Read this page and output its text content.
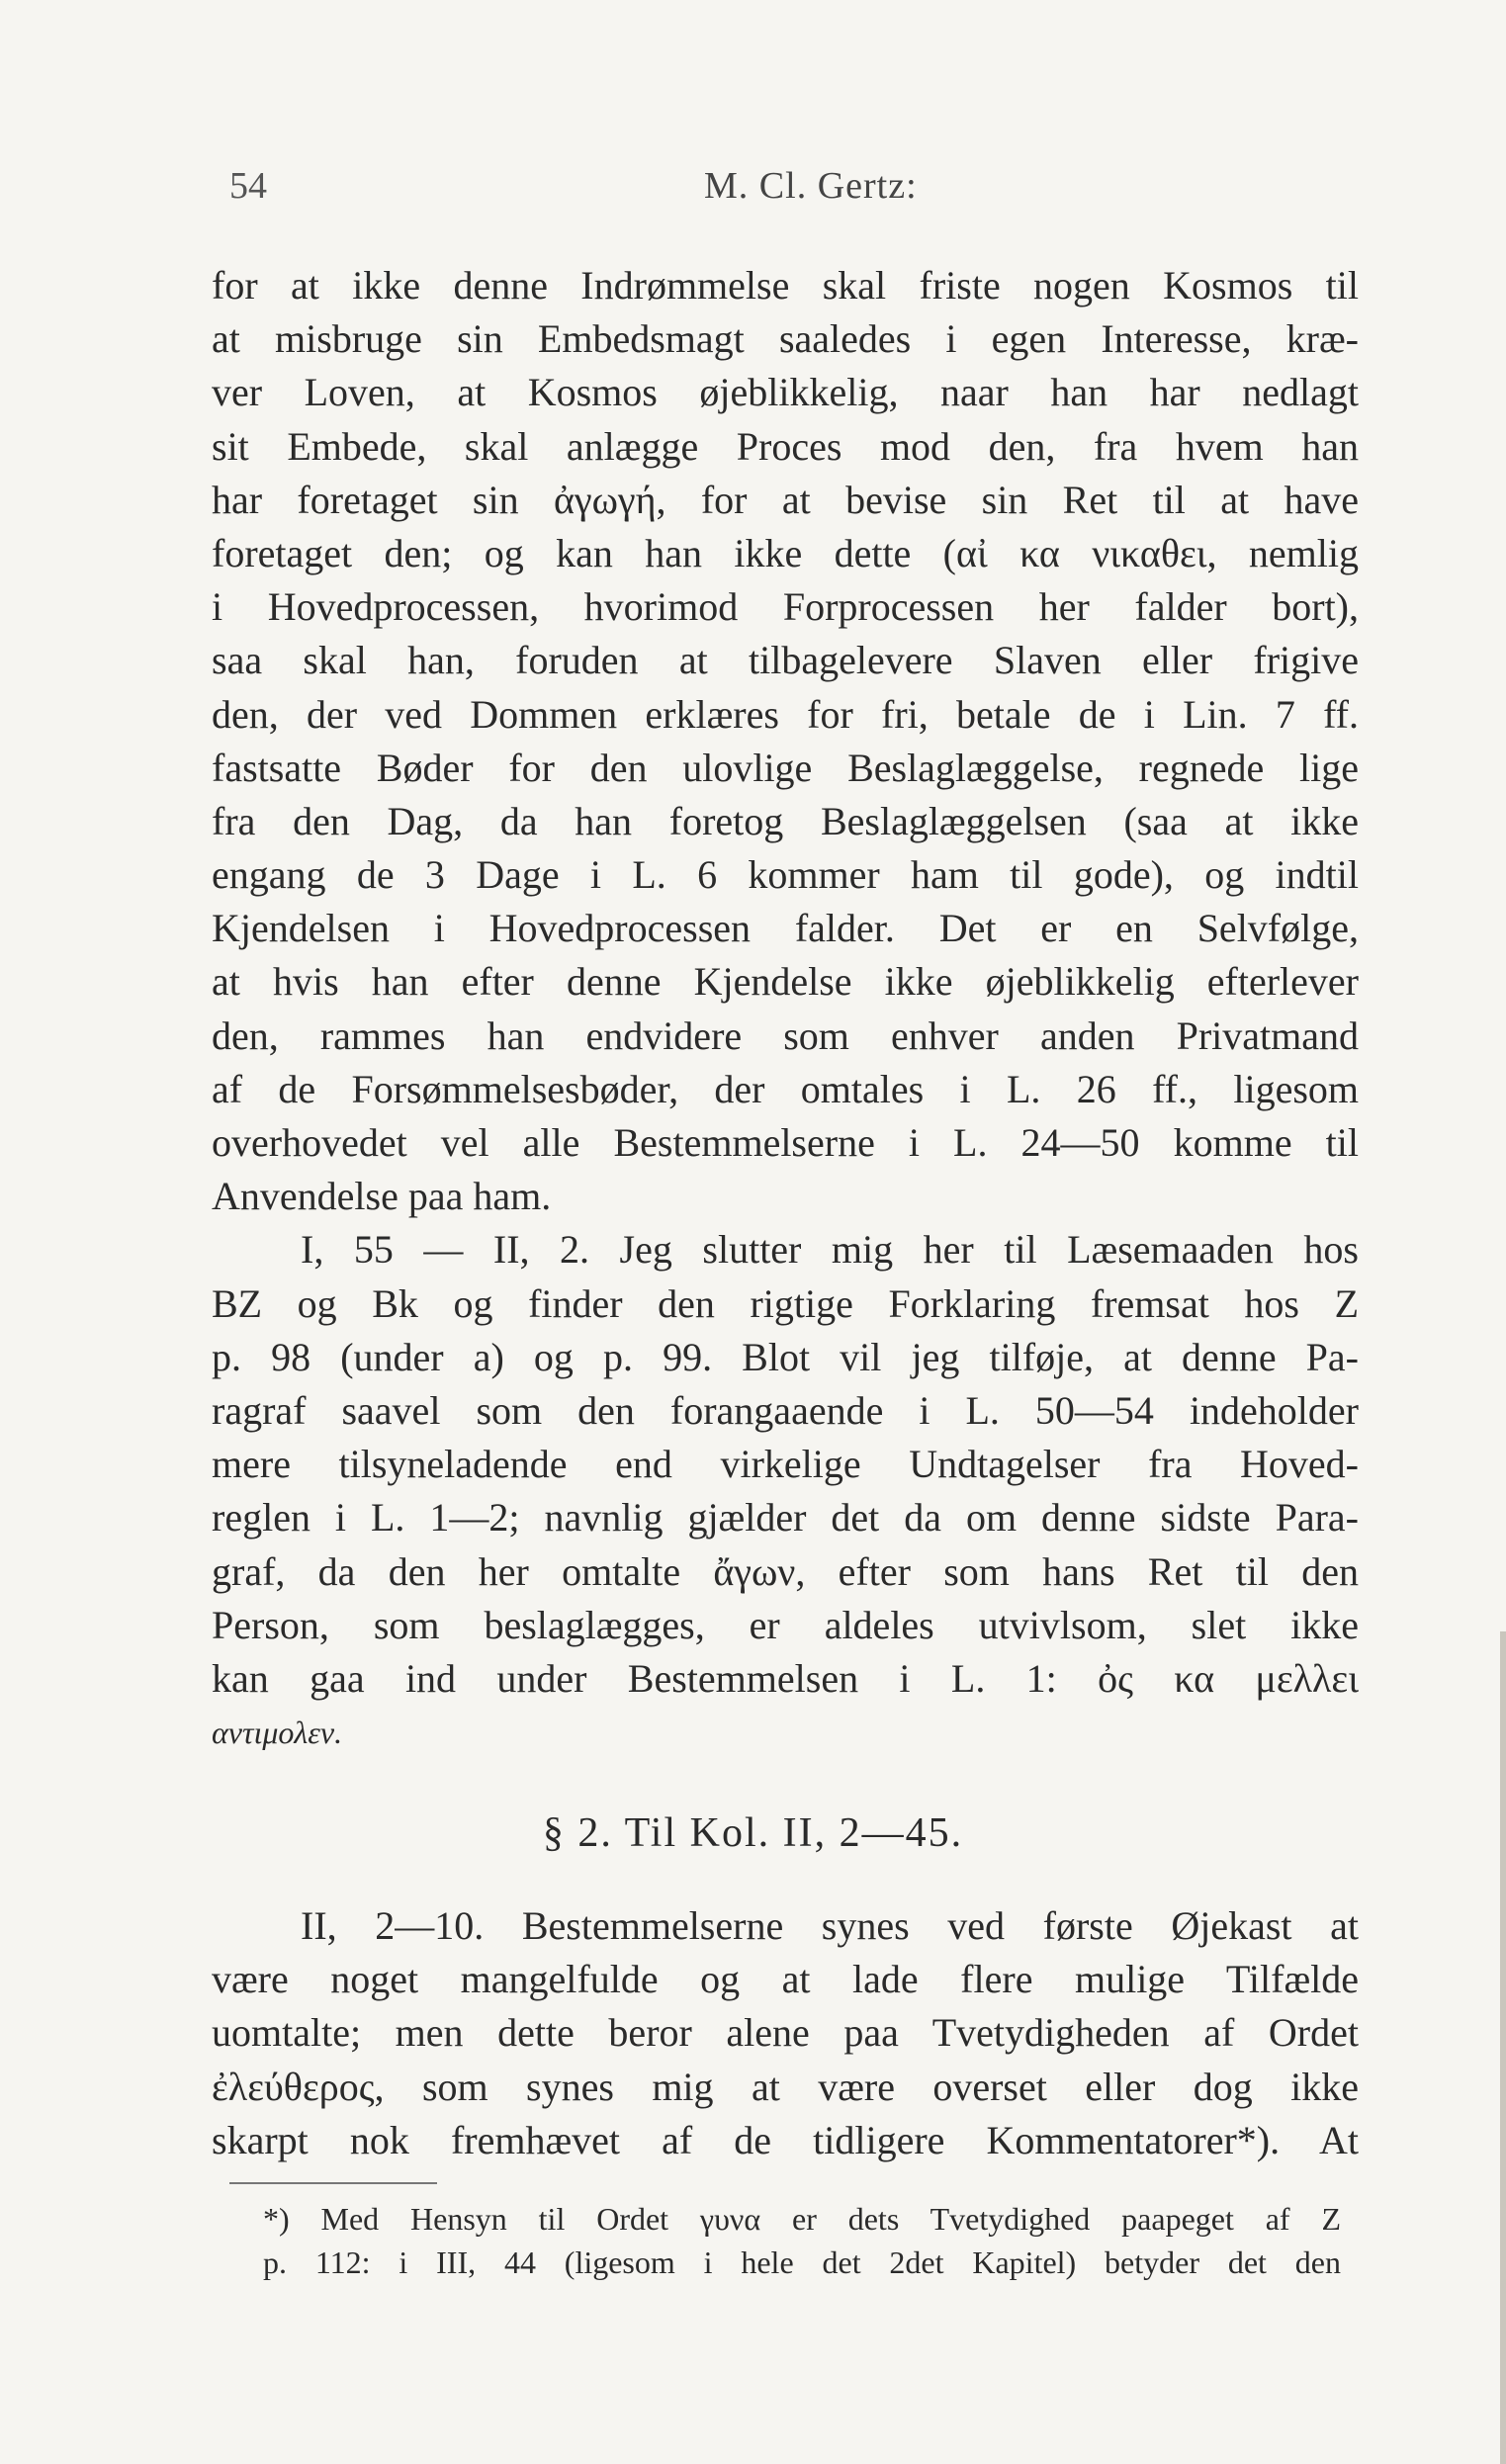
54	M. Cl. Gertz:
for at ikke denne Indrømmelse skal friste nogen Kosmos til
at misbruge sin Embedsmagt saaledes i egen Interesse, kræ-
ver Loven, at Kosmos øjeblikkelig, naar han har nedlagt
sit Embede, skal anlægge Proces mod den, fra hvem han
har foretaget sin ἀγωγή, for at bevise sin Ret til at have
foretaget den; og kan han ikke dette (αἰ κα νικαθει, nemlig
i Hovedprocessen, hvorimod Forprocessen her falder bort),
saa skal han, foruden at tilbagelevere Slaven eller frigive
den, der ved Dommen erklæres for fri, betale de i Lin. 7 ff.
fastsatte Bøder for den ulovlige Beslaglæggelse, regnede lige
fra den Dag, da han foretog Beslaglæggelsen (saa at ikke
engang de 3 Dage i L. 6 kommer ham til gode), og indtil
Kjendelsen i Hovedprocessen falder. Det er en Selvfølge,
at hvis han efter denne Kjendelse ikke øjeblikkelig efterlever
den, rammes han endvidere som enhver anden Privatmand
af de Forsømmelsesbøder, der omtales i L. 26 ff., ligesom
overhovedet vel alle Bestemmelserne i L. 24—50 komme til
Anvendelse paa ham.
I, 55 — II, 2. Jeg slutter mig her til Læsemaaden hos
BZ og Bk og finder den rigtige Forklaring fremsat hos Z
p. 98 (under a) og p. 99. Blot vil jeg tilføje, at denne Pa-
ragraf saavel som den forangaaende i L. 50—54 indeholder
mere tilsyneladende end virkelige Undtagelser fra Hoved-
reglen i L. 1—2; navnlig gjælder det da om denne sidste Para-
graf, da den her omtalte ἄγων, efter som hans Ret til den
Person, som beslaglægges, er aldeles utvivlsom, slet ikke
kan gaa ind under Bestemmelsen i L. 1: ὀς κα μελλει
αντιμολεν.
§ 2. Til Kol. II, 2—45.
II, 2—10. Bestemmelserne synes ved første Øjekast at
være noget mangelfulde og at lade flere mulige Tilfælde
uomtalte; men dette beror alene paa Tvetydigheden af Ordet
ἐλεύθερος, som synes mig at være overset eller dog ikke
skarpt nok fremhævet af de tidligere Kommentatorer*). At
*) Med Hensyn til Ordet γυνα er dets Tvetydighed paapeget af Z
p. 112: i III, 44 (ligesom i hele det 2det Kapitel) betyder det den
